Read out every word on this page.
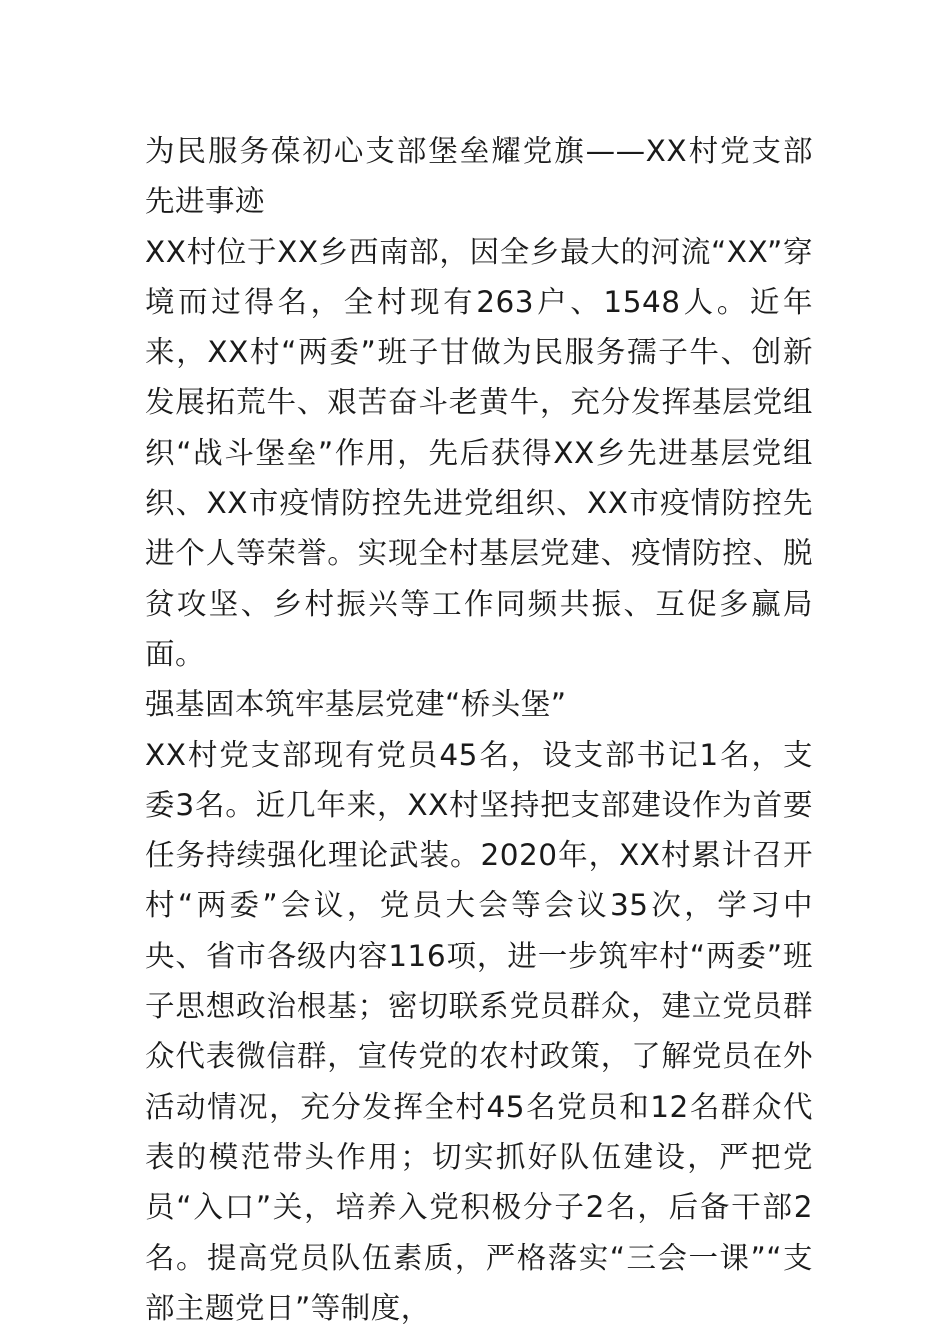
为民服务葆初心支部堡垒耀党旗——XX村党支部先进事迹

XX村位于XX乡西南部，因全乡最大的河流“XX”穿境而过得名，全村现有263户、1548人。近年来，XX村“两委”班子甘做为民服务孺子牛、创新发展拓荒牛、艰苦奋斗老黄牛，充分发挥基层党组织“战斗堡垒”作用，先后获得XX乡先进基层党组织、XX市疫情防控先进党组织、XX市疫情防控先进个人等荣誉。实现全村基层党建、疫情防控、脱贫攻坚、乡村振兴等工作同频共振、互促多赢局面。

强基固本筑牢基层党建“桥头堡”

XX村党支部现有党员45名，设支部书记1名，支委3名。近几年来，XX村坚持把支部建设作为首要任务持续强化理论武装。2020年，XX村累计召开村“两委”会议，党员大会等会议35次，学习中央、省市各级内容116项，进一步筑牢村“两委”班子思想政治根基；密切联系党员群众，建立党员群众代表微信群，宣传党的农村政策，了解党员在外活动情况，充分发挥全村45名党员和12名群众代表的模范带头作用；切实抓好队伍建设，严把党员“入口”关，培养入党积极分子2名，后备干部2名。提高党员队伍素质，严格落实“三会一课”“支部主题党日”等制度，
